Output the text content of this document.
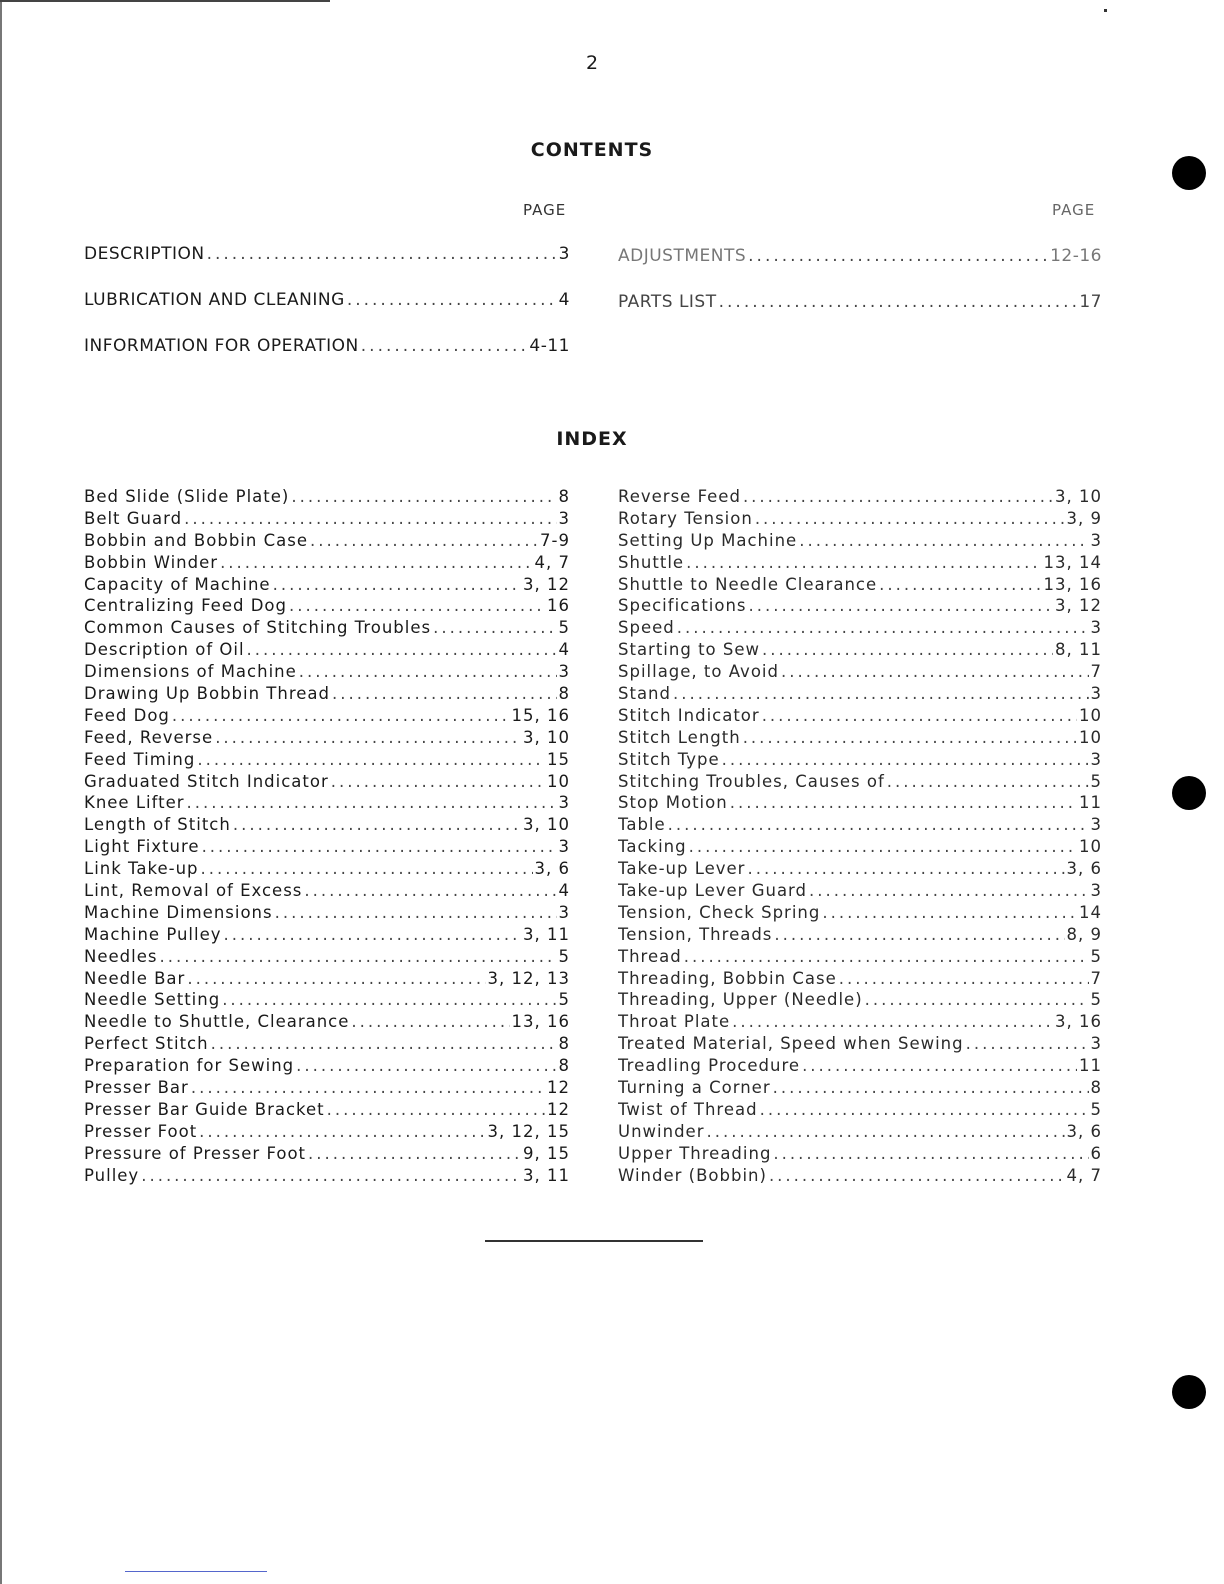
2
CONTENTS
PAGE	PAGE
DESCRIPTION .....	3
LUBRICATION AND CLEANING .....	4
INFORMATION FOR OPERATION .....	4-11
ADJUSTMENTS .....	12-16
PARTS LIST .....	17
INDEX
Bed Slide (Slide Plate) .....	8
Belt Guard .....	3
Bobbin and Bobbin Case .....	7-9
Bobbin Winder .....	4, 7
Capacity of Machine .....	3, 12
Centralizing Feed Dog .....	16
Common Causes of Stitching Troubles .....	5
Description of Oil .....	4
Dimensions of Machine .....	3
Drawing Up Bobbin Thread .....	8
Feed Dog .....	15, 16
Feed, Reverse .....	3, 10
Feed Timing .....	15
Graduated Stitch Indicator .....	10
Knee Lifter .....	3
Length of Stitch .....	3, 10
Light Fixture .....	3
Link Take-up .....	3, 6
Lint, Removal of Excess .....	4
Machine Dimensions .....	3
Machine Pulley .....	3, 11
Needles .....	5
Needle Bar .....	3, 12, 13
Needle Setting .....	5
Needle to Shuttle, Clearance .....	13, 16
Perfect Stitch .....	8
Preparation for Sewing .....	8
Presser Bar .....	12
Presser Bar Guide Bracket .....	12
Presser Foot .....	3, 12, 15
Pressure of Presser Foot .....	9, 15
Pulley .....	3, 11
Reverse Feed .....	3, 10
Rotary Tension .....	3, 9
Setting Up Machine .....	3
Shuttle .....	13, 14
Shuttle to Needle Clearance .....	13, 16
Specifications .....	3, 12
Speed .....	3
Starting to Sew .....	8, 11
Spillage, to Avoid .....	7
Stand .....	3
Stitch Indicator .....	10
Stitch Length .....	10
Stitch Type .....	3
Stitching Troubles, Causes of .....	5
Stop Motion .....	11
Table .....	3
Tacking .....	10
Take-up Lever .....	3, 6
Take-up Lever Guard .....	3
Tension, Check Spring .....	14
Tension, Threads .....	8, 9
Thread .....	5
Threading, Bobbin Case .....	7
Threading, Upper (Needle) .....	5
Throat Plate .....	3, 16
Treated Material, Speed when Sewing .....	3
Treadling Procedure .....	11
Turning a Corner .....	8
Twist of Thread .....	5
Unwinder .....	3, 6
Upper Threading .....	6
Winder (Bobbin) .....	4, 7
